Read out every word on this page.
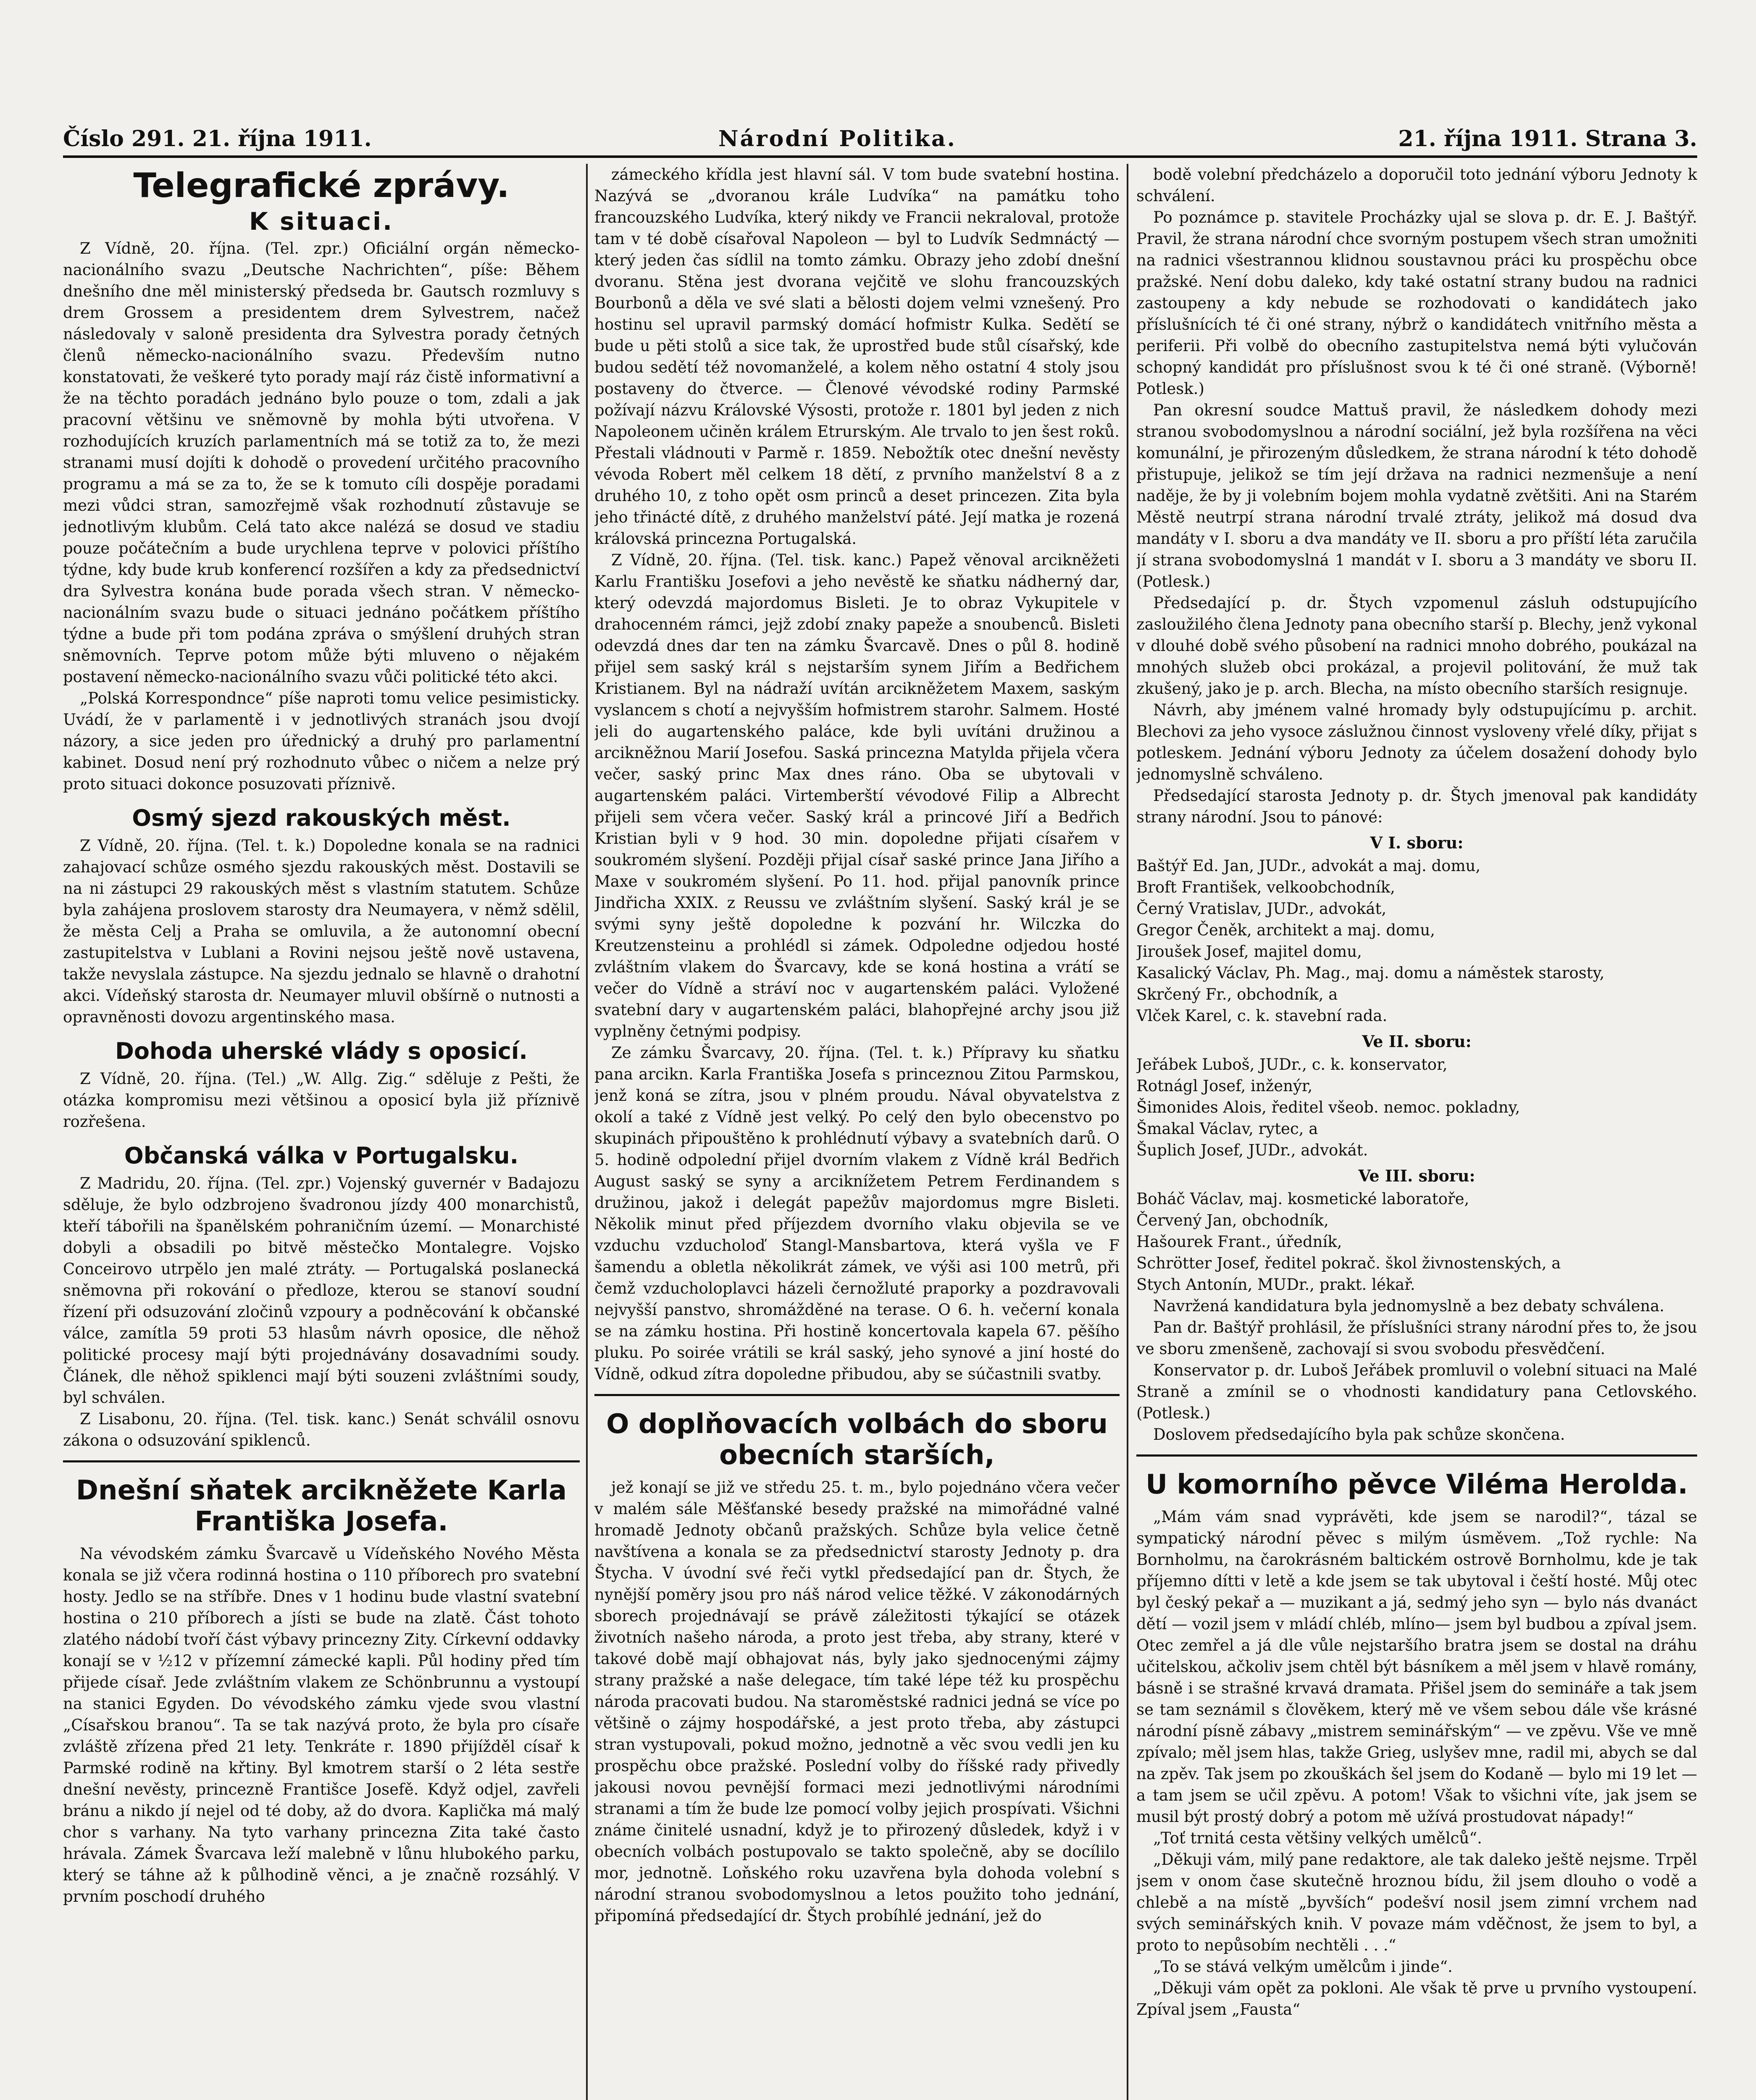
Číslo 291. 21. října 1911.	Národní Politika.	21. října 1911. Strana 3.
Telegrafické zprávy.
K situaci.

Z Vídně, 20. října. (Tel. zpr.) Oficiální orgán německo-nacionálního svazu „Deutsche Nachrichten“, píše: Během dnešního dne měl ministerský předseda br. Gautsch rozmluvy s drem Grossem a presidentem drem Sylvestrem, načež následovaly v saloně presidenta dra Sylvestra porady četných členů německo-nacionálního svazu. Především nutno konstatovati, že veškeré tyto porady mají ráz čistě informativní a že na těchto poradách jednáno bylo pouze o tom, zdali a jak pracovní většinu ve sněmovně by mohla býti utvořena. V rozhodujících kruzích parlamentních má se totiž za to, že mezi stranami musí dojíti k dohodě o provedení určitého pracovního programu a má se za to, že se k tomuto cíli dospěje poradami mezi vůdci stran, samozřejmě však rozhodnutí zůstavuje se jednotlivým klubům. Celá tato akce nalézá se dosud ve stadiu pouze počátečním a bude urychlena teprve v polovici příštího týdne, kdy bude krub konferencí rozšířen a kdy za předsednictví dra Sylvestra konána bude porada všech stran. V německo-nacionálním svazu bude o situaci jednáno počátkem příštího týdne a bude při tom podána zpráva o smýšlení druhých stran sněmovních. Teprve potom může býti mluveno o nějakém postavení německo-nacionálního svazu vůči politické této akci.

„Polská Korrespondnce“ píše naproti tomu velice pesimisticky. Uvádí, že v parlamentě i v jednotlivých stranách jsou dvojí názory, a sice jeden pro úřednický a druhý pro parlamentní kabinet. Dosud není prý rozhodnuto vůbec o ničem a nelze prý proto situaci dokonce posuzovati příznivě.

Osmý sjezd rakouských měst.

Z Vídně, 20. října. (Tel. t. k.) Dopoledne konala se na radnici zahajovací schůze osmého sjezdu rakouských měst. Dostavili se na ni zástupci 29 rakouských měst s vlastním statutem. Schůze byla zahájena proslovem starosty dra Neumayera, v němž sdělil, že města Celj a Praha se omluvila, a že autonomní obecní zastupitelstva v Lublani a Rovini nejsou ještě nově ustavena, takže nevyslala zástupce. Na sjezdu jednalo se hlavně o drahotní akci. Vídeňský starosta dr. Neumayer mluvil obšírně o nutnosti a opravněnosti dovozu argentinského masa.

Dohoda uherské vlády s oposicí.

Z Vídně, 20. října. (Tel.) „W. Allg. Zig.“ sděluje z Pešti, že otázka kompromisu mezi většinou a oposicí byla již příznivě rozřešena.

Občanská válka v Portugalsku.

Z Madridu, 20. října. (Tel. zpr.) Vojenský guvernér v Badajozu sděluje, že bylo odzbrojeno švadronou jízdy 400 monarchistů, kteří tábořili na španělském pohraničním území. — Monarchisté dobyli a obsadili po bitvě městečko Montalegre. Vojsko Conceirovo utrpělo jen malé ztráty. — Portugalská poslanecká sněmovna při rokování o předloze, kterou se stanoví soudní řízení při odsuzování zločinů vzpoury a podněcování k občanské válce, zamítla 59 proti 53 hlasům návrh oposice, dle něhož politické procesy mají býti projednávány dosavadními soudy. Článek, dle něhož spiklenci mají býti souzeni zvláštními soudy, byl schválen.

Z Lisabonu, 20. října. (Tel. tisk. kanc.) Senát schválil osnovu zákona o odsuzování spiklenců.

Dnešní sňatek arcikněžete Karla Františka Josefa.

Na vévodském zámku Švarcavě u Vídeňského Nového Města konala se již včera rodinná hostina o 110 příborech pro svatební hosty. Jedlo se na stříbře. Dnes v 1 hodinu bude vlastní svatební hostina o 210 příborech a jísti se bude na zlatě. Část tohoto zlatého nádobí tvoří část výbavy princezny Zity. Církevní oddavky konají se v ½12 v přízemní zámecké kapli. Půl hodiny před tím přijede císař. Jede zvláštním vlakem ze Schönbrunnu a vystoupí na stanici Egyden. Do vévodského zámku vjede svou vlastní „Císařskou branou“. Ta se tak nazývá proto, že byla pro císaře zvláště zřízena před 21 lety. Tenkráte r. 1890 přijížděl císař k Parmské rodině na křtiny. Byl kmotrem starší o 2 léta sestře dnešní nevěsty, princezně Františce Josefě. Když odjel, zavřeli bránu a nikdo jí nejel od té doby, až do dvora. Kaplička má malý chor s varhany. Na tyto varhany princezna Zita také často hrávala. Zámek Švarcava leží malebně v lůnu hlubokého parku, který se táhne až k půlhodině věnci, a je značně rozsáhlý. V prvním poschodí druhého

zámeckého křídla jest hlavní sál. V tom bude svatební hostina. Nazývá se „dvoranou krále Ludvíka“ na památku toho francouzského Ludvíka, který nikdy ve Francii nekraloval, protože tam v té době císařoval Napoleon — byl to Ludvík Sedmnáctý — který jeden čas sídlil na tomto zámku. Obrazy jeho zdobí dnešní dvoranu. Stěna jest dvorana vejčitě ve slohu francouzských Bourbonů a děla ve své slati a bělosti dojem velmi vznešený. Pro hostinu sel upravil parmský domácí hofmistr Kulka. Sedětí se bude u pěti stolů a sice tak, že uprostřed bude stůl císařský, kde budou sedětí též novomanželé, a kolem něho ostatní 4 stoly jsou postaveny do čtverce. — Členové vévodské rodiny Parmské požívají názvu Královské Výsosti, protože r. 1801 byl jeden z nich Napoleonem učiněn králem Etrurským. Ale trvalo to jen šest roků. Přestali vládnouti v Parmě r. 1859. Nebožtík otec dnešní nevěsty vévoda Robert měl celkem 18 dětí, z prvního manželství 8 a z druhého 10, z toho opět osm princů a deset princezen. Zita byla jeho třinácté dítě, z druhého manželství páté. Její matka je rozená královská princezna Portugalská.

Z Vídně, 20. října. (Tel. tisk. kanc.) Papež věnoval arcikněžeti Karlu Františku Josefovi a jeho nevěstě ke sňatku nádherný dar, který odevzdá majordomus Bisleti. Je to obraz Vykupitele v drahocenném rámci, jejž zdobí znaky papeže a snoubenců. Bisleti odevzdá dnes dar ten na zámku Švarcavě. Dnes o půl 8. hodině přijel sem saský král s nejstarším synem Jiřím a Bedřichem Kristianem. Byl na nádraží uvítán arcikněžetem Maxem, saským vyslancem s chotí a nejvyšším hofmistrem starohr. Salmem. Hosté jeli do augartenského paláce, kde byli uvítáni družinou a arcikněžnou Marií Josefou. Saská princezna Matylda přijela včera večer, saský princ Max dnes ráno. Oba se ubytovali v augartenském paláci. Virtemberští vévodové Filip a Albrecht přijeli sem včera večer. Saský král a princové Jiří a Bedřich Kristian byli v 9 hod. 30 min. dopoledne přijati císařem v soukromém slyšení. Později přijal císař saské prince Jana Jiřího a Maxe v soukromém slyšení. Po 11. hod. přijal panovník prince Jindřicha XXIX. z Reussu ve zvláštním slyšení. Saský král je se svými syny ještě dopoledne k pozvání hr. Wilczka do Kreutzensteinu a prohlédl si zámek. Odpoledne odjedou hosté zvláštním vlakem do Švarcavy, kde se koná hostina a vrátí se večer do Vídně a stráví noc v augartenském paláci. Vyložené svatební dary v augartenském paláci, blahopřejné archy jsou již vyplněny četnými podpisy.

Ze zámku Švarcavy, 20. října. (Tel. t. k.) Přípravy ku sňatku pana arcikn. Karla Františka Josefa s princeznou Zitou Parmskou, jenž koná se zítra, jsou v plném proudu. Nával obyvatelstva z okolí a také z Vídně jest velký. Po celý den bylo obecenstvo po skupinách připouštěno k prohlédnutí výbavy a svatebních darů. O 5. hodině odpolední přijel dvorním vlakem z Vídně král Bedřich August saský se syny a arciknížetem Petrem Ferdinandem s družinou, jakož i delegát papežův majordomus mgre Bisleti. Několik minut před příjezdem dvorního vlaku objevila se ve vzduchu vzducholoď Stangl-Mansbartova, která vyšla ve F šamendu a obletla několikrát zámek, ve výši asi 100 metrů, při čemž vzducholoplavci házeli černožluté praporky a pozdravovali nejvyšší panstvo, shromážděné na terase. O 6. h. večerní konala se na zámku hostina. Při hostině koncertovala kapela 67. pěšího pluku. Po soirée vrátili se král saský, jeho synové a jiní hosté do Vídně, odkud zítra dopoledne přibudou, aby se súčastnili svatby.

O doplňovacích volbách do sboru obecních starších,

jež konají se již ve středu 25. t. m., bylo pojednáno včera večer v malém sále Měšťanské besedy pražské na mimořádné valné hromadě Jednoty občanů pražských. Schůze byla velice četně navštívena a konala se za předsednictví starosty Jednoty p. dra Štycha. V úvodní své řeči vytkl předsedající pan dr. Štych, že nynější poměry jsou pro náš národ velice těžké. V zákonodárných sborech projednávají se právě záležitosti týkající se otázek životních našeho národa, a proto jest třeba, aby strany, které v takové době mají obhajovat nás, byly jako sjednocenými zájmy strany pražské a naše delegace, tím také lépe též ku prospěchu národa pracovati budou. Na staroměstské radnici jedná se více po většině o zájmy hospodářské, a jest proto třeba, aby zástupci stran vystupovali, pokud možno, jednotně a věc svou vedli jen ku prospěchu obce pražské. Poslední volby do říšské rady přivedly jakousi novou pevnější formaci mezi jednotlivými národními stranami a tím že bude lze pomocí volby jejich prospívati. Všichni známe činitelé usnadní, když je to přirozený důsledek, když i v obecních volbách postupovalo se takto společně, aby se docílilo mor, jednotně. Loňského roku uzavřena byla dohoda volební s národní stranou svobodomyslnou a letos použito toho jednání, připomíná předsedající dr. Štych probíhlé jednání, jež do

bodě volební předcházelo a doporučil toto jednání výboru Jednoty k schválení.

Po poznámce p. stavitele Procházky ujal se slova p. dr. E. J. Baštýř. Pravil, že strana národní chce svorným postupem všech stran umožniti na radnici všestrannou klidnou soustavnou práci ku prospěchu obce pražské. Není dobu daleko, kdy také ostatní strany budou na radnici zastoupeny a kdy nebude se rozhodovati o kandidátech jako příslušnících té či oné strany, nýbrž o kandidátech vnitřního města a periferii. Při volbě do obecního zastupitelstva nemá býti vylučován schopný kandidát pro příslušnost svou k té či oné straně. (Výborně! Potlesk.)

Pan okresní soudce Mattuš pravil, že následkem dohody mezi stranou svobodomyslnou a národní sociální, jež byla rozšířena na věci komunální, je přirozeným důsledkem, že strana národní k této dohodě přistupuje, jelikož se tím její država na radnici nezmenšuje a není naděje, že by ji volebním bojem mohla vydatně zvětšiti. Ani na Starém Městě neutrpí strana národní trvalé ztráty, jelikož má dosud dva mandáty v I. sboru a dva mandáty ve II. sboru a pro příští léta zaručila jí strana svobodomyslná 1 mandát v I. sboru a 3 mandáty ve sboru II. (Potlesk.)

Předsedající p. dr. Štych vzpomenul zásluh odstupujícího zasloužilého člena Jednoty pana obecního starší p. Blechy, jenž vykonal v dlouhé době svého působení na radnici mnoho dobrého, poukázal na mnohých služeb obci prokázal, a projevil politování, že muž tak zkušený, jako je p. arch. Blecha, na místo obecního starších resignuje.

Návrh, aby jménem valné hromady byly odstupujícímu p. archit. Blechovi za jeho vysoce záslužnou činnost vysloveny vřelé díky, přijat s potleskem. Jednání výboru Jednoty za účelem dosažení dohody bylo jednomyslně schváleno.

Předsedající starosta Jednoty p. dr. Štych jmenoval pak kandidáty strany národní. Jsou to pánové:

V I. sboru:

Baštýř Ed. Jan, JUDr., advokát a maj. domu,

Broft František, velkoobchodník,

Černý Vratislav, JUDr., advokát,

Gregor Čeněk, architekt a maj. domu,

Jiroušek Josef, majitel domu,

Kasalický Václav, Ph. Mag., maj. domu a náměstek starosty,

Skrčený Fr., obchodník, a

Vlček Karel, c. k. stavební rada.

Ve II. sboru:

Jeřábek Luboš, JUDr., c. k. konservator,

Rotnágl Josef, inženýr,

Šimonides Alois, ředitel všeob. nemoc. pokladny,

Šmakal Václav, rytec, a

Šuplich Josef, JUDr., advokát.

Ve III. sboru:

Boháč Václav, maj. kosmetické laboratoře,

Červený Jan, obchodník,

Hašourek Frant., úředník,

Schrötter Josef, ředitel pokrač. škol živnostenských, a

Stych Antonín, MUDr., prakt. lékař.

Navržená kandidatura byla jednomyslně a bez debaty schválena.

Pan dr. Baštýř prohlásil, že příslušníci strany národní přes to, že jsou ve sboru zmenšeně, zachovají si svou svobodu přesvědčení.

Konservator p. dr. Luboš Jeřábek promluvil o volební situaci na Malé Straně a zmínil se o vhodnosti kandidatury pana Cetlovského. (Potlesk.)

Doslovem předsedajícího byla pak schůze skončena.

U komorního pěvce Viléma Herolda.

„Mám vám snad vyprávěti, kde jsem se narodil?“, tázal se sympatický národní pěvec s milým úsměvem. „Tož rychle: Na Bornholmu, na čarokrásném baltickém ostrově Bornholmu, kde je tak příjemno dítti v letě a kde jsem se tak ubytoval i čeští hosté. Můj otec byl český pekař a — muzikant a já, sedmý jeho syn — bylo nás dvanáct dětí — vozil jsem v mládí chléb, mlíno— jsem byl budbou a zpíval jsem. Otec zemřel a já dle vůle nejstaršího bratra jsem se dostal na dráhu učitelskou, ačkoliv jsem chtěl být básníkem a měl jsem v hlavě romány, básně i se strašné krvavá dramata. Přišel jsem do semináře a tak jsem se tam seznámil s člověkem, který mě ve všem sebou dále vše krásné národní písně zábavy „mistrem seminářským“ — ve zpěvu. Vše ve mně zpívalo; měl jsem hlas, takže Grieg, uslyšev mne, radil mi, abych se dal na zpěv. Tak jsem po zkouškách šel jsem do Kodaně — bylo mi 19 let — a tam jsem se učil zpěvu. A potom! Však to všichni víte, jak jsem se musil být prostý dobrý a potom mě užívá prostudovat nápady!“

„Toť trnitá cesta většiny velkých umělců“.

„Děkuji vám, milý pane redaktore, ale tak daleko ještě nejsme. Trpěl jsem v onom čase skutečně hroznou bídu, žil jsem dlouho o vodě a chlebě a na místě „byvších“ podešví nosil jsem zimní vrchem nad svých seminářských knih. V povaze mám vděčnost, že jsem to byl, a proto to nepůsobím nechtěli . . .“

„To se stává velkým umělcům i jinde“.

„Děkuji vám opět za pokloni. Ale však tě prve u prvního vystoupení. Zpíval jsem „Fausta“
